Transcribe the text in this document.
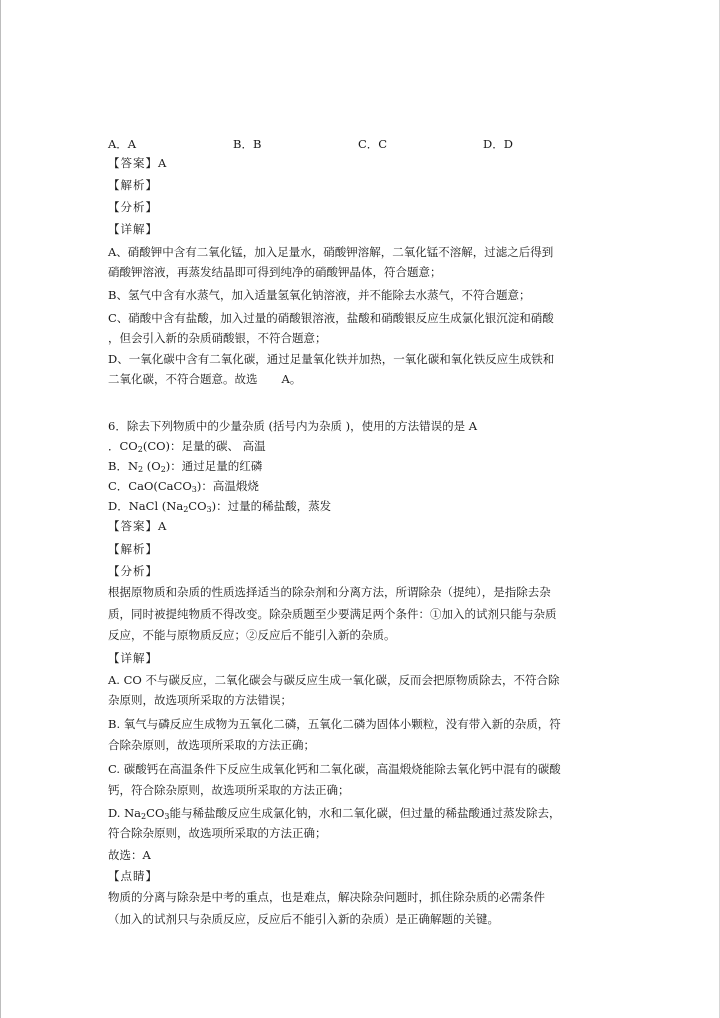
A．A	B．B	C．C	D．D
【答案】A
【解析】
【分析】
【详解】
A、硝酸钾中含有二氧化锰，加入足量水，硝酸钾溶解，二氧化锰不溶解，过滤之后得到
硝酸钾溶液，再蒸发结晶即可得到纯净的硝酸钾晶体，符合题意；
B、氢气中含有水蒸气，加入适量氢氧化钠溶液，并不能除去水蒸气，不符合题意；
C、硝酸中含有盐酸，加入过量的硝酸银溶液，盐酸和硝酸银反应生成氯化银沉淀和硝酸
，但会引入新的杂质硝酸银，不符合题意；
D、一氧化碳中含有二氧化碳，通过足量氧化铁并加热，一氧化碳和氧化铁反应生成铁和
二氧化碳，不符合题意。故选 A。
6．除去下列物质中的少量杂质 (括号内为杂质 )，使用的方法错误的是 A
．$CO_2(CO)$：足量的碳、 高温
B．$N_2$ $(O_2)$：通过足量的红磷
C．CaO(CaCO$_3$)：高温煅烧
D．NaCl $(Na_2CO_3)$：过量的稀盐酸，蒸发
【答案】A
【解析】
【分析】
根据原物质和杂质的性质选择适当的除杂剂和分离方法，所谓除杂（提纯），是指除去杂
质，同时被提纯物质不得改变。除杂质题至少要满足两个条件：①加入的试剂只能与杂质
反应，不能与原物质反应；②反应后不能引入新的杂质。
【详解】
A. CO 不与碳反应，二氧化碳会与碳反应生成一氧化碳，反而会把原物质除去，不符合除
杂原则，故选项所采取的方法错误；
B. 氧气与磷反应生成物为五氧化二磷，五氧化二磷为固体小颗粒，没有带入新的杂质，符
合除杂原则，故选项所采取的方法正确；
C. 碳酸钙在高温条件下反应生成氧化钙和二氧化碳，高温煅烧能除去氧化钙中混有的碳酸
钙，符合除杂原则，故选项所采取的方法正确；
D. $Na_2CO_3$能与稀盐酸反应生成氯化钠，水和二氧化碳，但过量的稀盐酸通过蒸发除去，
符合除杂原则，故选项所采取的方法正确；
故选：A
【点睛】
物质的分离与除杂是中考的重点，也是难点，解决除杂问题时，抓住除杂质的必需条件
（加入的试剂只与杂质反应，反应后不能引入新的杂质）是正确解题的关键。
